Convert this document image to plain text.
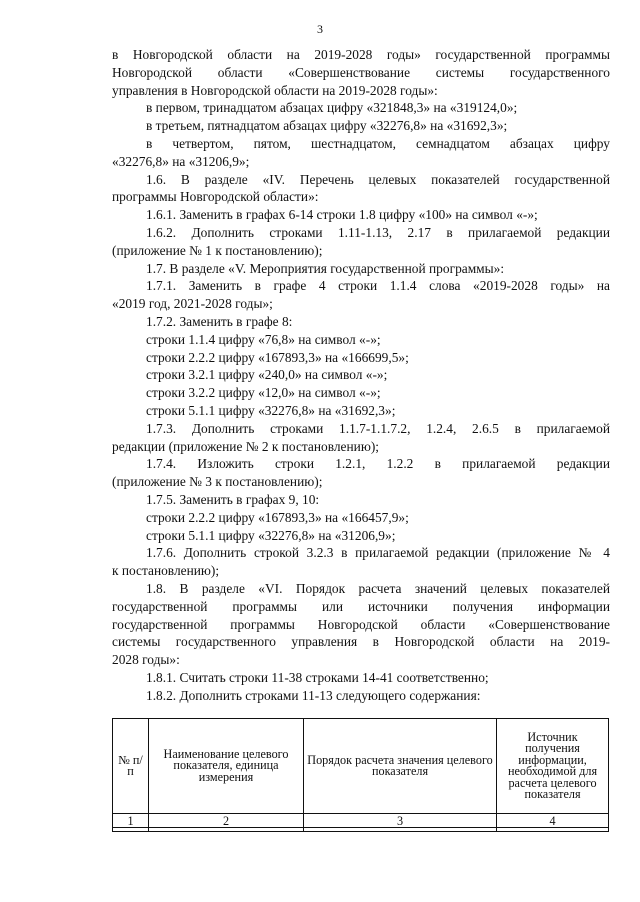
3
в Новгородской области на 2019-2028 годы» государственной программы
Новгородской области «Совершенствование системы государственного
управления в Новгородской области на 2019-2028 годы»:
в первом, тринадцатом абзацах цифру «321848,3» на «319124,0»;
в третьем, пятнадцатом абзацах цифру «32276,8» на «31692,3»;
в четвертом, пятом, шестнадцатом, семнадцатом абзацах цифру
«32276,8» на «31206,9»;
1.6. В разделе «IV. Перечень целевых показателей государственной
программы Новгородской области»:
1.6.1. Заменить в графах 6-14 строки 1.8 цифру «100» на символ «-»;
1.6.2. Дополнить строками 1.11-1.13, 2.17 в прилагаемой редакции
(приложение № 1 к постановлению);
1.7. В разделе «V. Мероприятия государственной программы»:
1.7.1. Заменить в графе 4 строки 1.1.4 слова «2019-2028 годы» на
«2019 год, 2021-2028 годы»;
1.7.2. Заменить в графе 8:
строки 1.1.4 цифру «76,8» на символ «-»;
строки 2.2.2 цифру «167893,3» на «166699,5»;
строки 3.2.1 цифру «240,0» на символ «-»;
строки 3.2.2 цифру «12,0» на символ «-»;
строки 5.1.1 цифру «32276,8» на «31692,3»;
1.7.3. Дополнить строками 1.1.7-1.1.7.2, 1.2.4, 2.6.5 в прилагаемой
редакции (приложение № 2 к постановлению);
1.7.4. Изложить строки 1.2.1, 1.2.2 в прилагаемой редакции
(приложение № 3 к постановлению);
1.7.5. Заменить в графах 9, 10:
строки 2.2.2 цифру «167893,3» на «166457,9»;
строки 5.1.1 цифру «32276,8» на «31206,9»;
1.7.6. Дополнить строкой 3.2.3 в прилагаемой редакции (приложение № 4
к постановлению);
1.8. В разделе «VI. Порядок расчета значений целевых показателей
государственной программы или источники получения информации
государственной программы Новгородской области «Совершенствование
системы государственного управления в Новгородской области на 2019-
2028 годы»:
1.8.1. Считать строки 11-38 строками 14-41 соответственно;
1.8.2. Дополнить строками 11-13 следующего содержания:
№ п/п	Наименование целевого показателя, единица измерения	Порядок расчета значения целевого показателя	Источник получения информации, необходимой для расчета целевого показателя
1	2	3	4
